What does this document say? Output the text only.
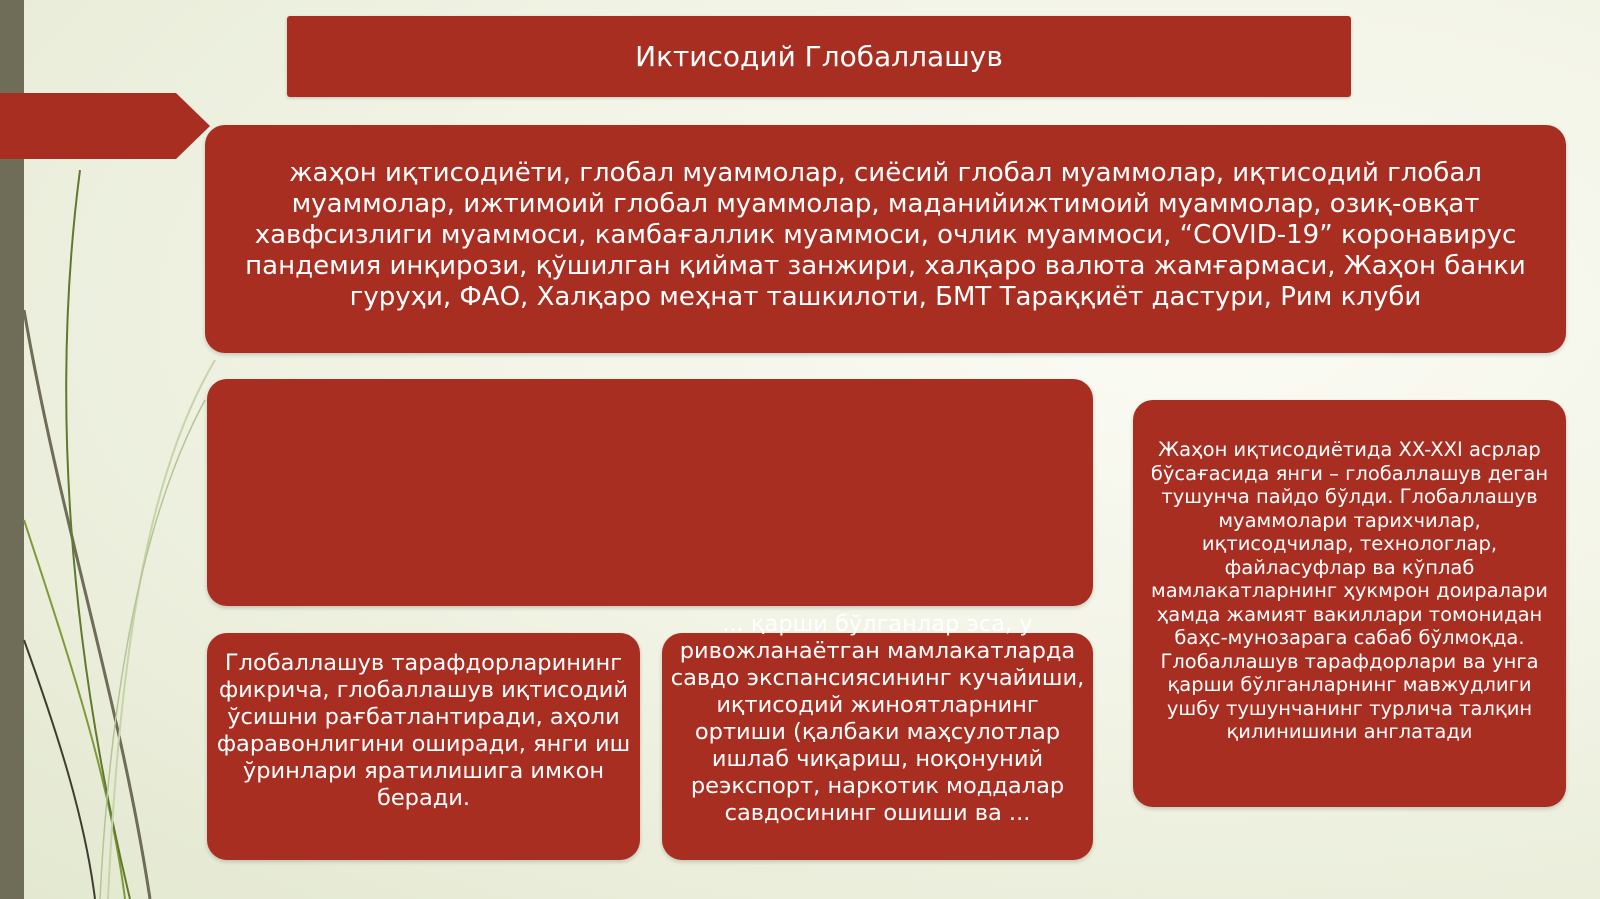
Иктисодий Глобаллашув
жаҳон иқтисодиёти, глобал муаммолар, сиёсий глобал муаммолар, иқтисодий глобал муаммолар, ижтимоий глобал муаммолар, маданийижтимоий муаммолар, озиқ-овқат хавфсизлиги муаммоси, камбағаллик муаммоси, очлик муаммоси, “COVID-19” коронавирус пандемия инқирози, қўшилган қиймат занжири, халқаро валюта жамғармаси, Жаҳон банки гуруҳи, ФАО, Халқаро меҳнат ташкилоти, БМТ Тараққиёт дастури, Рим клуби
Жаҳон иқтисодиётида XX-XXI асрлар бўсағасида янги – глобаллашув деган тушунча пайдо бўлди. Глобаллашув муаммолари тарихчилар, иқтисодчилар, технологлар, файласуфлар ва кўплаб мамлакатларнинг ҳукмрон доиралари ҳамда жамият вакиллари томонидан баҳс-мунозарага сабаб бўлмоқда. Глобаллашув тарафдорлари ва унга қарши бўлганларнинг мавжудлиги ушбу тушунчанинг турлича талқин қилинишини англатади
Глобаллашув тарафдорларининг фикрича, глобаллашув иқтисодий ўсишни рағбатлантиради, аҳоли фаравонлигини оширади, янги иш ўринлари яратилишига имкон беради.
... қарши бўлганлар эса, у ривожланаётган мамлакатларда савдо экспансиясининг кучайиши, иқтисодий жиноятларнинг ортиши (қалбаки маҳсулотлар ишлаб чиқариш, ноқонуний реэкспорт, наркотик моддалар савдосининг ошиши ва ...
